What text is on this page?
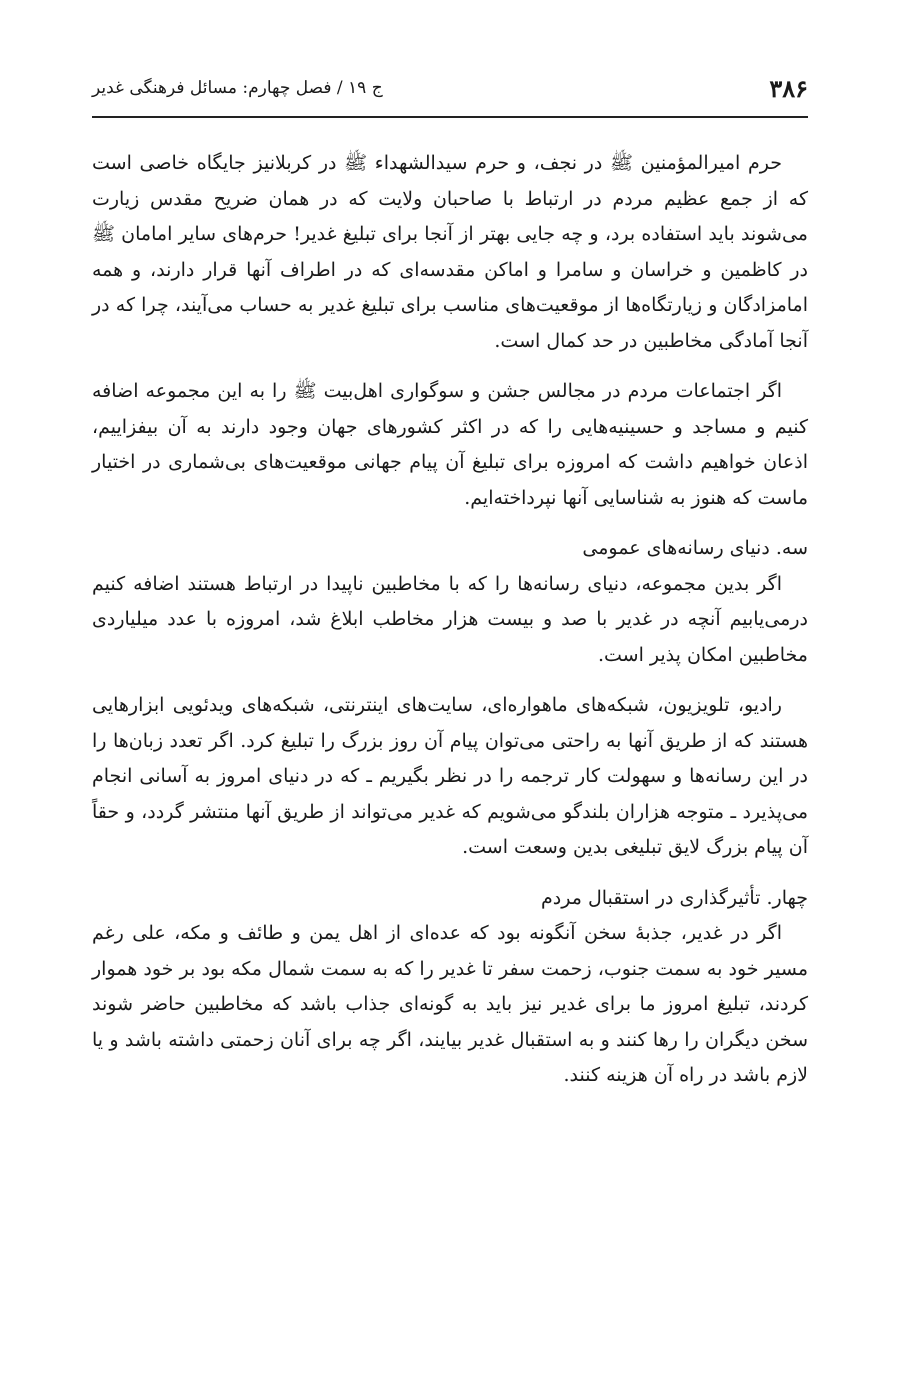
۳۸۶
ج ۱۹ / فصل چهارم: مسائل فرهنگی غدیر

حرم امیرالمؤمنین ﷺ در نجف، و حرم سیدالشهداء ﷺ در کربلانیز جایگاه خاصی است که از جمع عظیم مردم در ارتباط با صاحبان ولایت که در همان ضریح مقدس زیارت می‌شوند باید استفاده برد، و چه جایی بهتر از آنجا برای تبلیغ غدیر! حرم‌های سایر امامان ﷺ در کاظمین و خراسان و سامرا و اماکن مقدسه‌ای که در اطراف آنها قرار دارند، و همه امامزادگان و زیارتگاه‌ها از موقعیت‌های مناسب برای تبلیغ غدیر به حساب می‌آیند، چرا که در آنجا آمادگی مخاطبین در حد کمال است.

اگر اجتماعات مردم در مجالس جشن و سوگواری اهل‌بیت ﷺ را به این مجموعه اضافه کنیم و مساجد و حسینیه‌هایی را که در اکثر کشورهای جهان وجود دارند به آن بیفزاییم، اذعان خواهیم داشت که امروزه برای تبلیغ آن پیام جهانی موقعیت‌های بی‌شماری در اختیار ماست که هنوز به شناسایی آنها نپرداخته‌ایم.

سه. دنیای رسانه‌های عمومی

اگر بدین مجموعه، دنیای رسانه‌ها را که با مخاطبین ناپیدا در ارتباط هستند اضافه کنیم درمی‌یابیم آنچه در غدیر با صد و بیست هزار مخاطب ابلاغ شد، امروزه با عدد میلیاردی مخاطبین امکان پذیر است.

رادیو، تلویزیون، شبکه‌های ماهواره‌ای، سایت‌های اینترنتی، شبکه‌های ویدئویی ابزارهایی هستند که از طریق آنها به راحتی می‌توان پیام آن روز بزرگ را تبلیغ کرد. اگر تعدد زبان‌ها را در این رسانه‌ها و سهولت کار ترجمه را در نظر بگیریم ـ که در دنیای امروز به آسانی انجام می‌پذیرد ـ متوجه هزاران بلندگو می‌شویم که غدیر می‌تواند از طریق آنها منتشر گردد، و حقاً آن پیام بزرگ لایق تبلیغی بدین وسعت است.

چهار. تأثیرگذاری در استقبال مردم

اگر در غدیر، جذبۀ سخن آنگونه بود که عده‌ای از اهل یمن و طائف و مکه، علی رغم مسیر خود به سمت جنوب، زحمت سفر تا غدیر را که به سمت شمال مکه بود بر خود هموار کردند، تبلیغ امروز ما برای غدیر نیز باید به گونه‌ای جذاب باشد که مخاطبین حاضر شوند سخن دیگران را رها کنند و به استقبال غدیر بیایند، اگر چه برای آنان زحمتی داشته باشد و یا لازم باشد در راه آن هزینه کنند.
